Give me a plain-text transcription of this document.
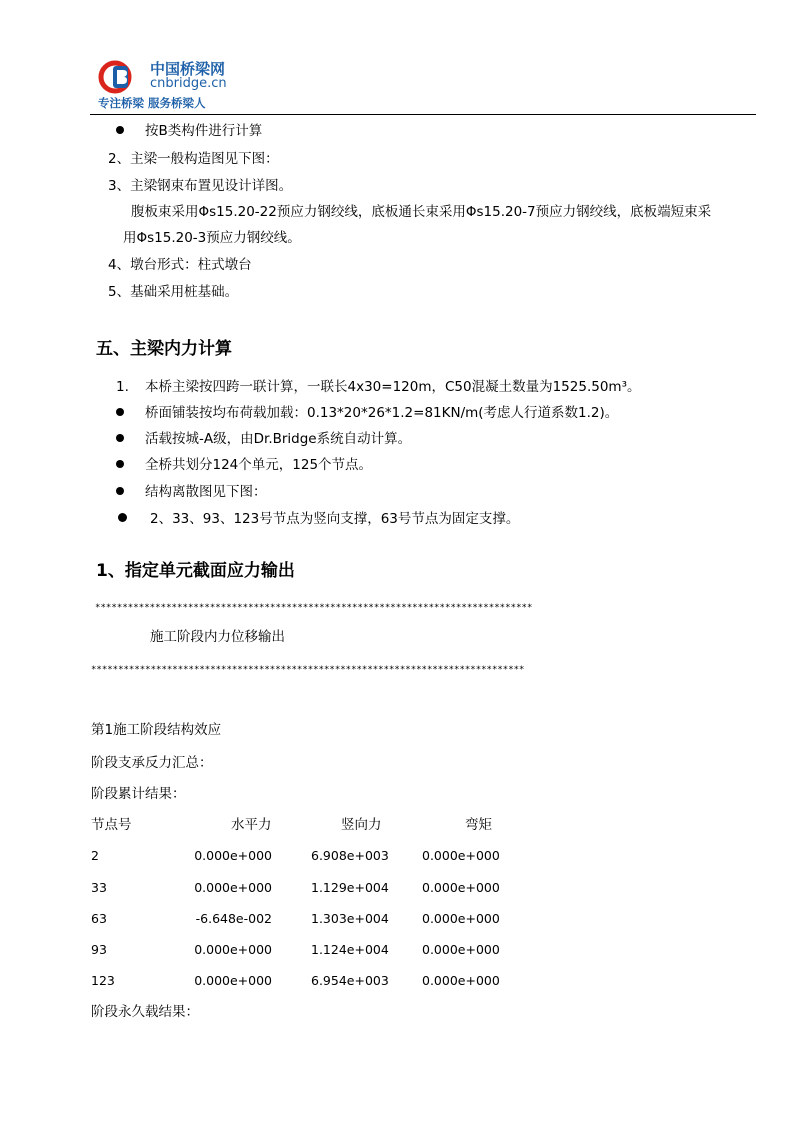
中国桥梁网
cnbridge.cn
专注桥梁 服务桥梁人
按B类构件进行计算
2、主梁一般构造图见下图：
3、主梁钢束布置见设计详图。
腹板束采用Φs15.20-22预应力钢绞线，底板通长束采用Φs15.20-7预应力钢绞线，底板端短束采
用Φs15.20-3预应力钢绞线。
4、墩台形式：柱式墩台
5、基础采用桩基础。
五、主梁内力计算
1. 本桥主梁按四跨一联计算，一联长4x30=120m，C50混凝土数量为1525.50m³。
桥面铺装按均布荷载加载：0.13*20*26*1.2=81KN/m(考虑人行道系数1.2)。
活载按城-A级，由Dr.Bridge系统自动计算。
全桥共划分124个单元，125个节点。
结构离散图见下图：
2、33、93、123号节点为竖向支撑，63号节点为固定支撑。
1、指定单元截面应力输出
********************************************************************************
施工阶段内力位移输出
********************************************************************************
第1施工阶段结构效应
阶段支承反力汇总：
阶段累计结果：
节点号	水平力	竖向力	弯矩
2	0.000e+000	6.908e+003	0.000e+000
33	0.000e+000	1.129e+004	0.000e+000
63	-6.648e-002	1.303e+004	0.000e+000
93	0.000e+000	1.124e+004	0.000e+000
123	0.000e+000	6.954e+003	0.000e+000
阶段永久载结果：
